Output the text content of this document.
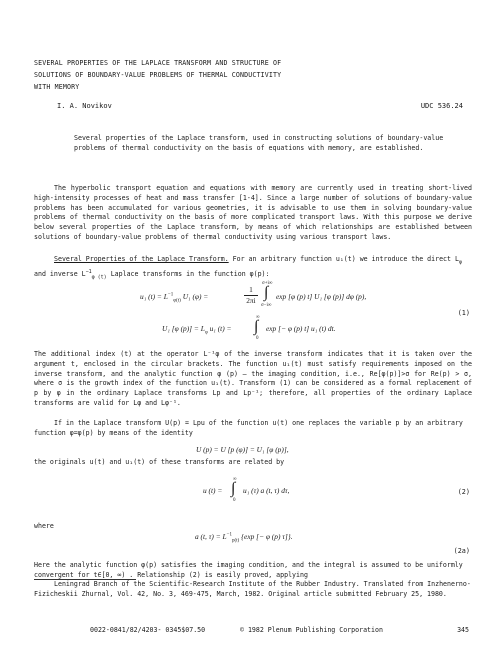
SEVERAL PROPERTIES OF THE LAPLACE TRANSFORM AND STRUCTURE OF
SOLUTIONS OF BOUNDARY-VALUE PROBLEMS OF THERMAL CONDUCTIVITY
WITH MEMORY
I. A. Novikov	UDC 536.24
Several properties of the Laplace transform, used in constructing solutions of boundary-value problems of thermal conductivity on the basis of equations with memory, are established.
The hyperbolic transport equation and equations with memory are currently used in treating short-lived high-intensity processes of heat and mass transfer [1-4]. Since a large number of solutions of boundary-value problems has been accumulated for various geometries, it is advisable to use them in solving boundary-value problems of thermal conductivity on the basis of more complicated transport laws. With this purpose we derive below several properties of the Laplace transform, by means of which relationships are established between solutions of boundary-value problems of thermal conductivity using various transport laws.
Several Properties of the Laplace Transform. For an arbitrary function u₁(t) we introduce the direct $L_\varphi$ and inverse $L^{-1}_{\varphi (t)}$ Laplace transforms in the function φ(p):
u₁ $(t) = L^{-1}_{\varphi(t)}$ U₁ (φ) =	$\frac{1}{2\pi i}$
σ+i∞
∫
σ−i∞
exp [φ (p) t] U₁ [φ (p)] dφ (p),
U₁ [φ $(p)] = L_\varphi$ u₁ (t) =
∞
∫
0
exp [− φ (p) t] u₁ (t) dt.
(1)
The additional index (t) at the operator L⁻¹φ of the inverse transform indicates that it is taken over the argument t, enclosed in the circular brackets. The function u₁(t) must satisfy requirements imposed on the inverse transform, and the analytic function φ (p) — the imaging condition, i.e., Re[φ(p)]>σ for Re(p) > σ, where σ is the growth index of the function u₁(t). Transform (1) can be considered as a formal replacement of p by φ in the ordinary Laplace transforms Lp and Lp⁻¹; therefore, all properties of the ordinary Laplace transforms are valid for Lφ and Lφ⁻¹.
If in the Laplace transform U(p) = Lpu of the function u(t) one replaces the variable p by an arbitrary function φ=φ(p) by means of the identity
U (p) = U [p (φ)] = U₁ [φ (p)],
the originals u(t) and u₁(t) of these transforms are related by
u (t) =
∞
∫
0
u₁ (τ) a (t, τ) dτ,	(2)
where
a (t, $\tau) = L^{-1}_{p(t)}$ {exp [− φ (p) τ]}.
(2a)
Here the analytic function φ(p) satisfies the imaging condition, and the integral is assumed to be uniformly convergent for t∈[0, ∞) . Relationship (2) is easily proved, applying
Leningrad Branch of the Scientific-Research Institute of the Rubber Industry. Translated from Inzhenerno-Fizicheskii Zhurnal, Vol. 42, No. 3, 469-475, March, 1982. Original article submitted February 25, 1980.
0022-0841/82/4203- 0345$07.50	© 1982 Plenum Publishing Corporation	345
